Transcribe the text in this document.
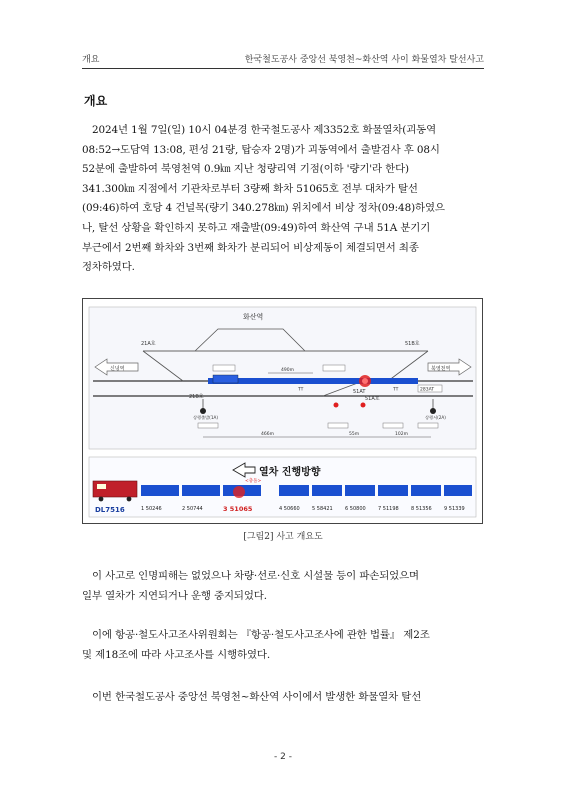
개요	한국철도공사 중앙선 북영천~화산역 사이 화물열차 탈선사고
개요
2024년 1월 7일(일) 10시 04분경 한국철도공사 제3352호 화물열차(괴동역
08:52→도담역 13:08, 편성 21량, 탑승자 2명)가 괴동역에서 출발검사 후 08시
52분에 출발하여 북영천역 0.9㎞ 지난 청량리역 기점(이하 '량기'라 한다)
341.300㎞ 지점에서 기관차로부터 3량째 화차 51065호 전부 대차가 탈선
(09:46)하여 호당 4 건널목(량기 340.278㎞) 위치에서 비상 정차(09:48)하였으
나, 탈선 상황을 확인하지 못하고 재출발(09:49)하여 화산역 구내 51A 분기기
부근에서 2번째 화차와 3번째 화차가 분리되어 비상제동이 체결되면서 최종
정차하였다.
화산역
신녕역	북영천역
21A호	51B호
21B호
51AT
51A호
283AT
TT	TT
490m
상행출발(1A)	상행서(2A)
466m	55m	102m
열차 진행방향
DL7516
<충돌>
1 50246	2 50744	3 51065	4 50660 5 58421 6 50800 7 51198 8 51356 9 51339
[그림2] 사고 개요도
이 사고로 인명피해는 없었으나 차량·선로·신호 시설물 등이 파손되었으며
일부 열차가 지연되거나 운행 중지되었다.
이에 항공·철도사고조사위원회는 『항공·철도사고조사에 관한 법률』 제2조
및 제18조에 따라 사고조사를 시행하였다.
이번 한국철도공사 중앙선 북영천~화산역 사이에서 발생한 화물열차 탈선
- 2 -
